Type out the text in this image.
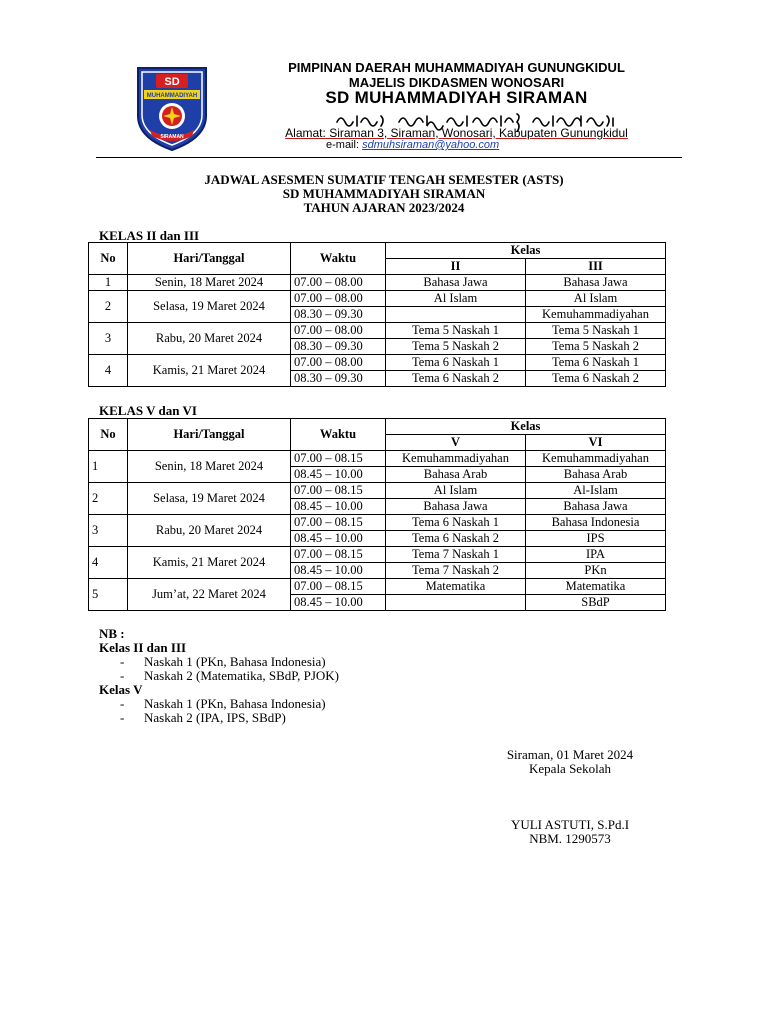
SD
MUHAMMADIYAH
SIRAMAN
PIMPINAN DAERAH MUHAMMADIYAH GUNUNGKIDUL
MAJELIS DIKDASMEN WONOSARI
SD MUHAMMADIYAH SIRAMAN
Alamat: Siraman 3, Siraman, Wonosari, Kabupaten Gunungkidul
e-mail: sdmuhsiraman@yahoo.com
JADWAL ASESMEN SUMATIF TENGAH SEMESTER (ASTS)
SD MUHAMMADIYAH SIRAMAN
TAHUN AJARAN 2023/2024
KELAS II dan III
No	Hari/Tanggal	Waktu	Kelas	
			II	III
1	Senin, 18 Maret 2024	07.00 – 08.00	Bahasa Jawa	Bahasa Jawa
2	Selasa, 19 Maret 2024	07.00 – 08.00	Al Islam	Al Islam
		08.30 – 09.30		Kemuhammadiyahan
3	Rabu, 20 Maret 2024	07.00 – 08.00	Tema 5 Naskah 1	Tema 5 Naskah 1
		08.30 – 09.30	Tema 5 Naskah 2	Tema 5 Naskah 2
4	Kamis, 21 Maret 2024	07.00 – 08.00	Tema 6 Naskah 1	Tema 6 Naskah 1
		08.30 – 09.30	Tema 6 Naskah 2	Tema 6 Naskah 2
KELAS V dan VI
No	Hari/Tanggal	Waktu	Kelas	
			V	VI
1	Senin, 18 Maret 2024	07.00 – 08.15	Kemuhammadiyahan	Kemuhammadiyahan
		08.45 – 10.00	Bahasa Arab	Bahasa Arab
2	Selasa, 19 Maret 2024	07.00 – 08.15	Al Islam	Al-Islam
		08.45 – 10.00	Bahasa Jawa	Bahasa Jawa
3	Rabu, 20 Maret 2024	07.00 – 08.15	Tema 6 Naskah 1	Bahasa Indonesia
		08.45 – 10.00	Tema 6 Naskah 2	IPS
4	Kamis, 21 Maret 2024	07.00 – 08.15	Tema 7 Naskah 1	IPA
		08.45 – 10.00	Tema 7 Naskah 2	PKn
5	Jum’at, 22 Maret 2024	07.00 – 08.15	Matematika	Matematika
		08.45 – 10.00		SBdP
NB :
Kelas II dan III
- Naskah 1 (PKn, Bahasa Indonesia)
- Naskah 2 (Matematika, SBdP, PJOK)
Kelas V
- Naskah 1 (PKn, Bahasa Indonesia)
- Naskah 2 (IPA, IPS, SBdP)
Siraman, 01 Maret 2024
Kepala Sekolah
YULI ASTUTI, S.Pd.I
NBM. 1290573
